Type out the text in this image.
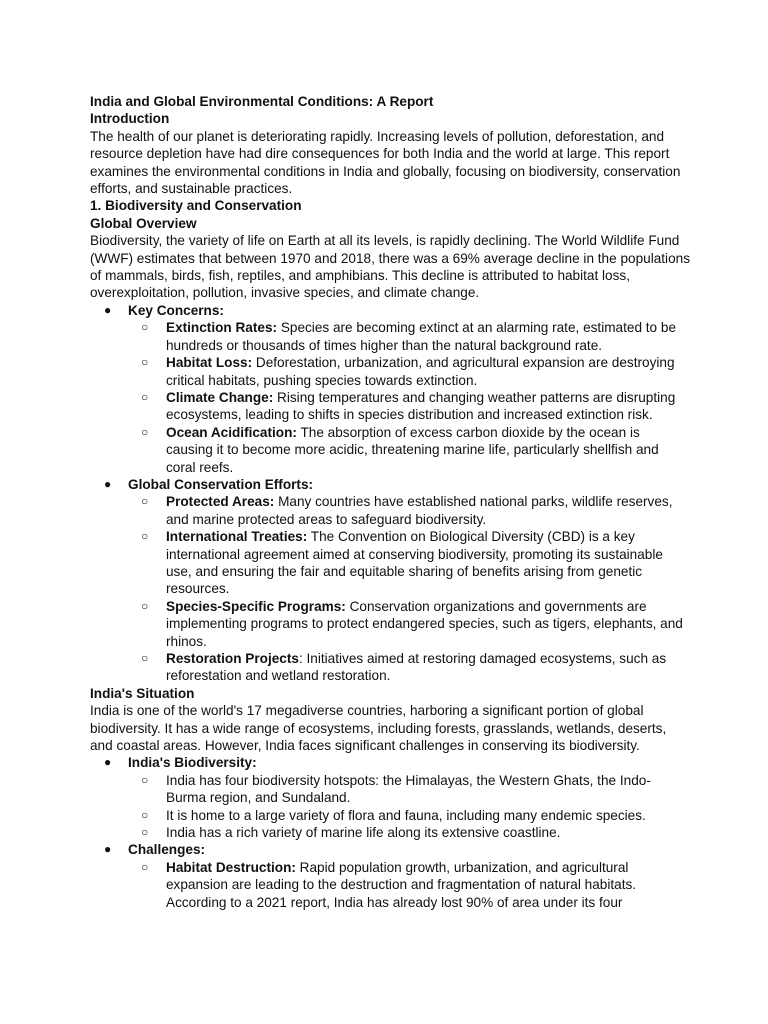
India and Global Environmental Conditions: A Report

Introduction

The health of our planet is deteriorating rapidly. Increasing levels of pollution, deforestation, and resource depletion have had dire consequences for both India and the world at large. This report examines the environmental conditions in India and globally, focusing on biodiversity, conservation efforts, and sustainable practices.

1. Biodiversity and Conservation

Global Overview

Biodiversity, the variety of life on Earth at all its levels, is rapidly declining. The World Wildlife Fund (WWF) estimates that between 1970 and 2018, there was a 69% average decline in the populations of mammals, birds, fish, reptiles, and amphibians. This decline is attributed to habitat loss, overexploitation, pollution, invasive species, and climate change.

● Key Concerns:
○ Extinction Rates: Species are becoming extinct at an alarming rate, estimated to be hundreds or thousands of times higher than the natural background rate.
○ Habitat Loss: Deforestation, urbanization, and agricultural expansion are destroying critical habitats, pushing species towards extinction.
○ Climate Change: Rising temperatures and changing weather patterns are disrupting ecosystems, leading to shifts in species distribution and increased extinction risk.
○ Ocean Acidification: The absorption of excess carbon dioxide by the ocean is causing it to become more acidic, threatening marine life, particularly shellfish and coral reefs.
● Global Conservation Efforts:
○ Protected Areas: Many countries have established national parks, wildlife reserves, and marine protected areas to safeguard biodiversity.
○ International Treaties: The Convention on Biological Diversity (CBD) is a key international agreement aimed at conserving biodiversity, promoting its sustainable use, and ensuring the fair and equitable sharing of benefits arising from genetic resources.
○ Species-Specific Programs: Conservation organizations and governments are implementing programs to protect endangered species, such as tigers, elephants, and rhinos.
○ Restoration Projects: Initiatives aimed at restoring damaged ecosystems, such as reforestation and wetland restoration.

India's Situation

India is one of the world's 17 megadiverse countries, harboring a significant portion of global biodiversity. It has a wide range of ecosystems, including forests, grasslands, wetlands, deserts, and coastal areas. However, India faces significant challenges in conserving its biodiversity.

● India's Biodiversity:
○ India has four biodiversity hotspots: the Himalayas, the Western Ghats, the Indo-Burma region, and Sundaland.
○ It is home to a large variety of flora and fauna, including many endemic species.
○ India has a rich variety of marine life along its extensive coastline.
● Challenges:
○ Habitat Destruction: Rapid population growth, urbanization, and agricultural expansion are leading to the destruction and fragmentation of natural habitats. According to a 2021 report, India has already lost 90% of area under its four
